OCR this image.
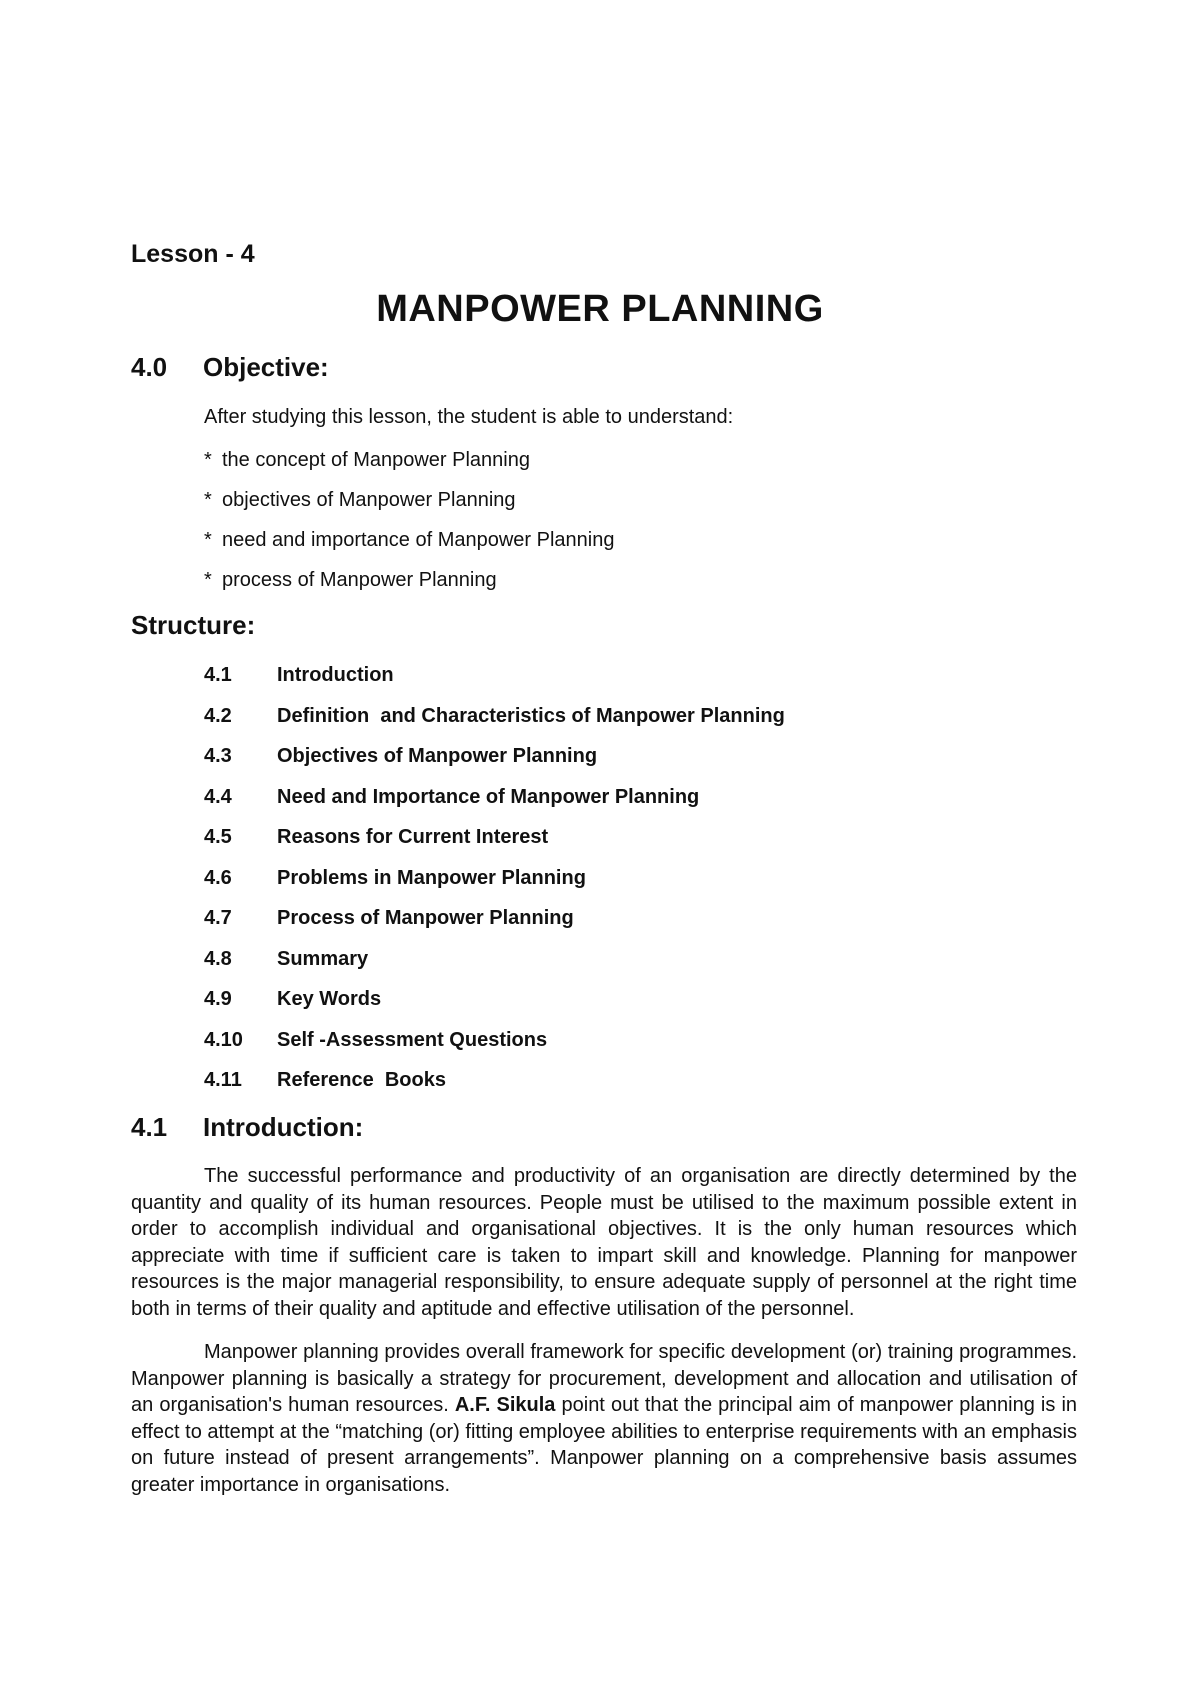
Lesson - 4

MANPOWER PLANNING
4.0 Objective:

After studying this lesson, the student is able to understand:

* the concept of Manpower Planning
* objectives of Manpower Planning
* need and importance of Manpower Planning
* process of Manpower Planning
Structure:
4.1 Introduction
4.2 Definition  and Characteristics of Manpower Planning
4.3 Objectives of Manpower Planning
4.4 Need and Importance of Manpower Planning
4.5 Reasons for Current Interest
4.6 Problems in Manpower Planning
4.7 Process of Manpower Planning
4.8 Summary
4.9 Key Words
4.10 Self -Assessment Questions
4.11 Reference  Books
4.1 Introduction:

The successful performance and productivity of an organisation are directly determined by the quantity and quality of its human resources. People must be utilised to the maximum possible extent in order to accomplish individual and organisational objectives. It is the only human resources which appreciate with time if sufficient care is taken to impart skill and knowledge. Planning for manpower resources is the major managerial responsibility, to ensure adequate supply of personnel at the right time both in terms of their quality and aptitude and effective utilisation of the personnel.

Manpower planning provides overall framework for specific development (or) training programmes. Manpower planning is basically a strategy for procurement, development and allocation and utilisation of an organisation's human resources. A.F. Sikula point out that the principal aim of manpower planning is in effect to attempt at the “matching (or) fitting employee abilities to enterprise requirements with an emphasis on future instead of present arrangements”. Manpower planning on a comprehensive basis assumes greater importance in organisations.
